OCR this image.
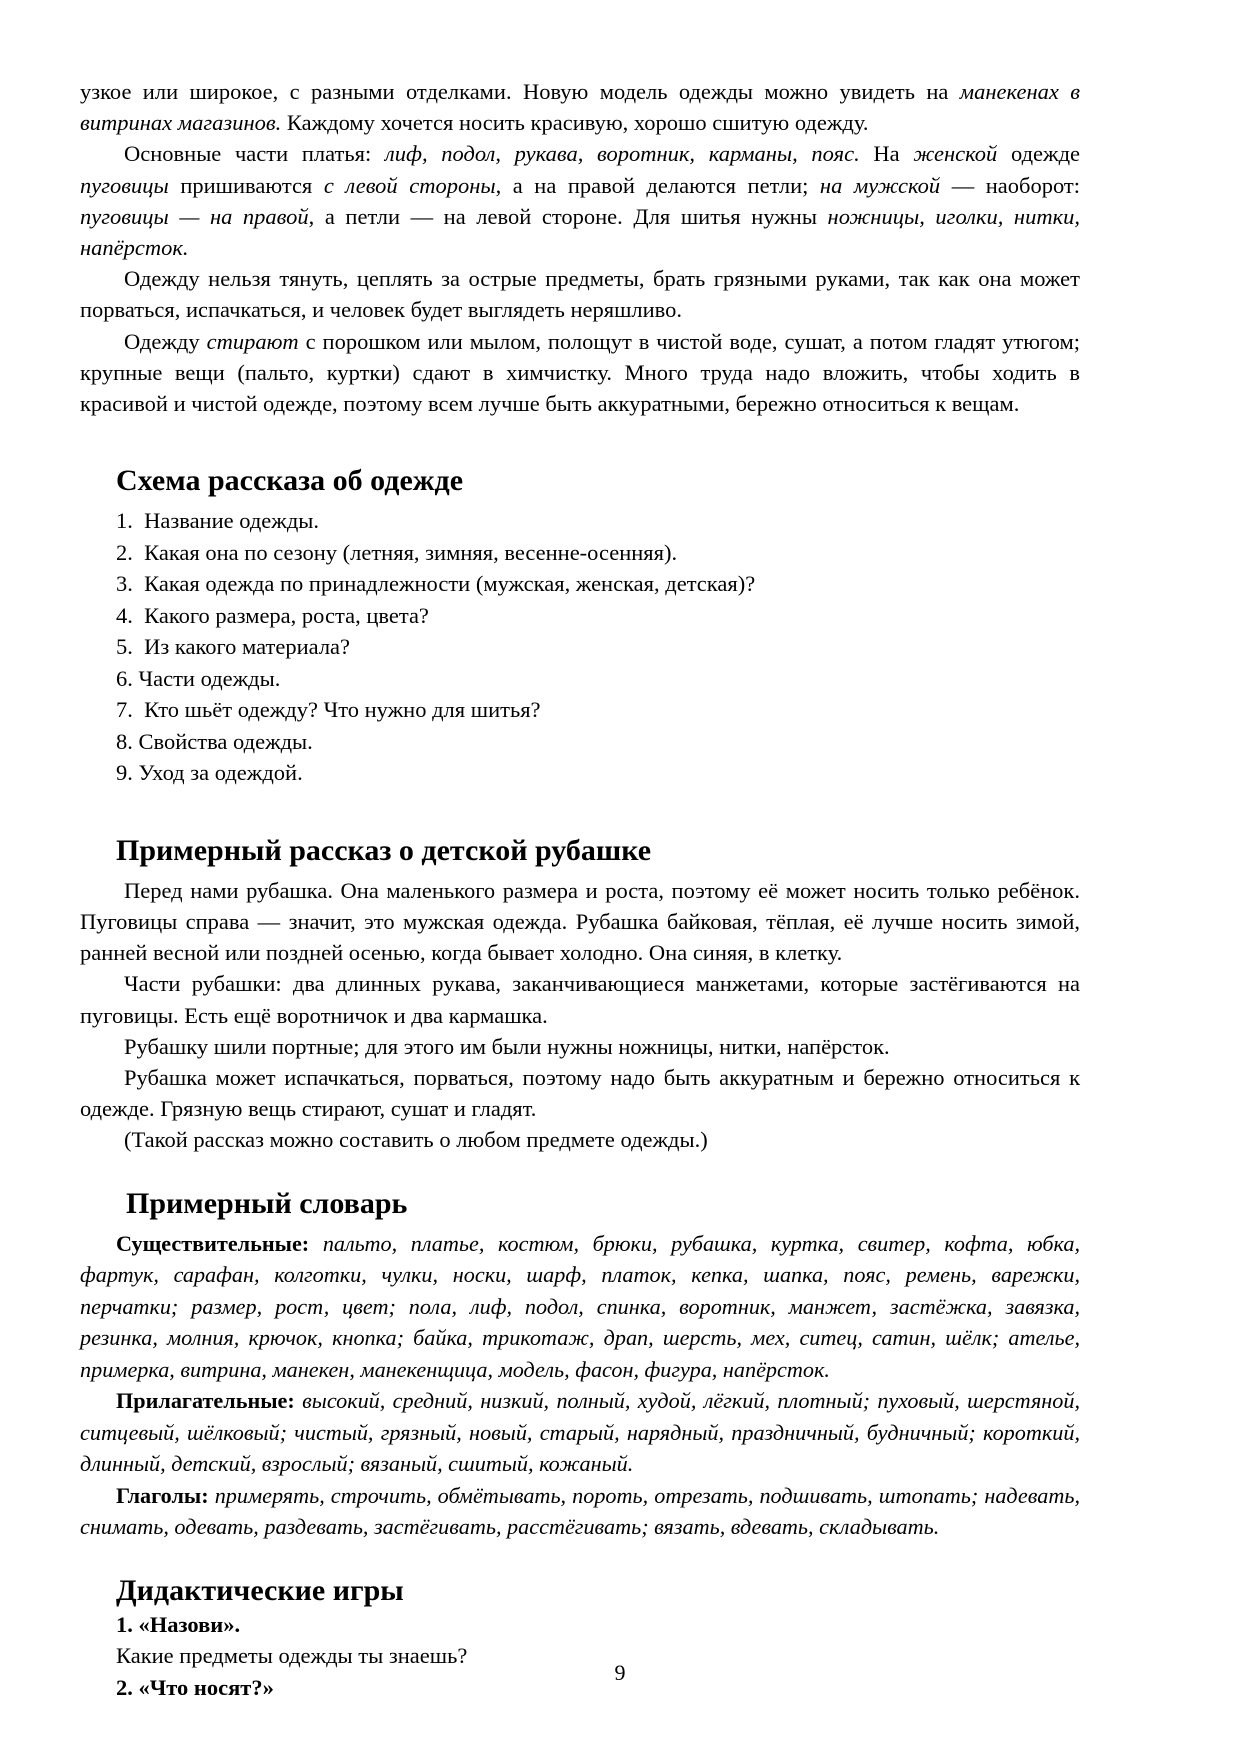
узкое или широкое, с разными отделками. Новую модель одежды можно увидеть на манекенах в витринах магазинов. Каждому хочется носить красивую, хорошо сшитую одежду.

Основные части платья: лиф, подол, рукава, воротник, карманы, пояс. На женской одежде пуговицы пришиваются с левой стороны, а на правой делаются петли; на мужской — наоборот: пуговицы — на правой, а петли — на левой стороне. Для шитья нужны ножницы, иголки, нитки, напёрсток.

Одежду нельзя тянуть, цеплять за острые предметы, брать грязными руками, так как она может порваться, испачкаться, и человек будет выглядеть неряшливо.

Одежду стирают с порошком или мылом, полощут в чистой воде, сушат, а потом гладят утюгом; крупные вещи (пальто, куртки) сдают в химчистку. Много труда надо вложить, чтобы ходить в красивой и чистой одежде, поэтому всем лучше быть аккуратными, бережно относиться к вещам.

Схема рассказа об одежде
1.  Название одежды.
2.  Какая она по сезону (летняя, зимняя, весенне-осенняя).
3.  Какая одежда по принадлежности (мужская, женская, детская)?
4.  Какого размера, роста, цвета?
5.  Из какого материала?
6. Части одежды.
7.  Кто шьёт одежду? Что нужно для шитья?
8. Свойства одежды.
9. Уход за одеждой.
Примерный рассказ о детской рубашке

Перед нами рубашка. Она маленького размера и роста, поэтому её может носить только ребёнок. Пуговицы справа — значит, это мужская одежда. Рубашка байковая, тёплая, её лучше носить зимой, ранней весной или поздней осенью, когда бывает холодно. Она синяя, в клетку.

Части рубашки: два длинных рукава, заканчивающиеся манжетами, которые застёгиваются на пуговицы. Есть ещё воротничок и два кармашка.

Рубашку шили портные; для этого им были нужны ножницы, нитки, напёрсток.

Рубашка может испачкаться, порваться, поэтому надо быть аккуратным и бережно относиться к одежде. Грязную вещь стирают, сушат и гладят.

(Такой рассказ можно составить о любом предмете одежды.)

Примерный словарь

Существительные: пальто, платье, костюм, брюки, рубашка, куртка, свитер, кофта, юбка, фартук, сарафан, колготки, чулки, носки, шарф, платок, кепка, шапка, пояс, ремень, варежки, перчатки; размер, рост, цвет; пола, лиф, подол, спинка, воротник, манжет, застёжка, завязка, резинка, молния, крючок, кнопка; байка, трикотаж, драп, шерсть, мех, ситец, сатин, шёлк; ателье, примерка, витрина, манекен, манекенщица, модель, фасон, фигура, напёрсток.

Прилагательные: высокий, средний, низкий, полный, худой, лёгкий, плотный; пуховый, шерстяной, ситцевый, шёлковый; чистый, грязный, новый, старый, нарядный, праздничный, будничный; короткий, длинный, детский, взрослый; вязаный, сшитый, кожаный.

Глаголы: примерять, строчить, обмётывать, пороть, отрезать, подшивать, штопать; надевать, снимать, одевать, раздевать, застёгивать, расстёгивать; вязать, вдевать, складывать.

Дидактические игры

1. «Назови».

Какие предметы одежды ты знаешь?

2. «Что носят?»

9
